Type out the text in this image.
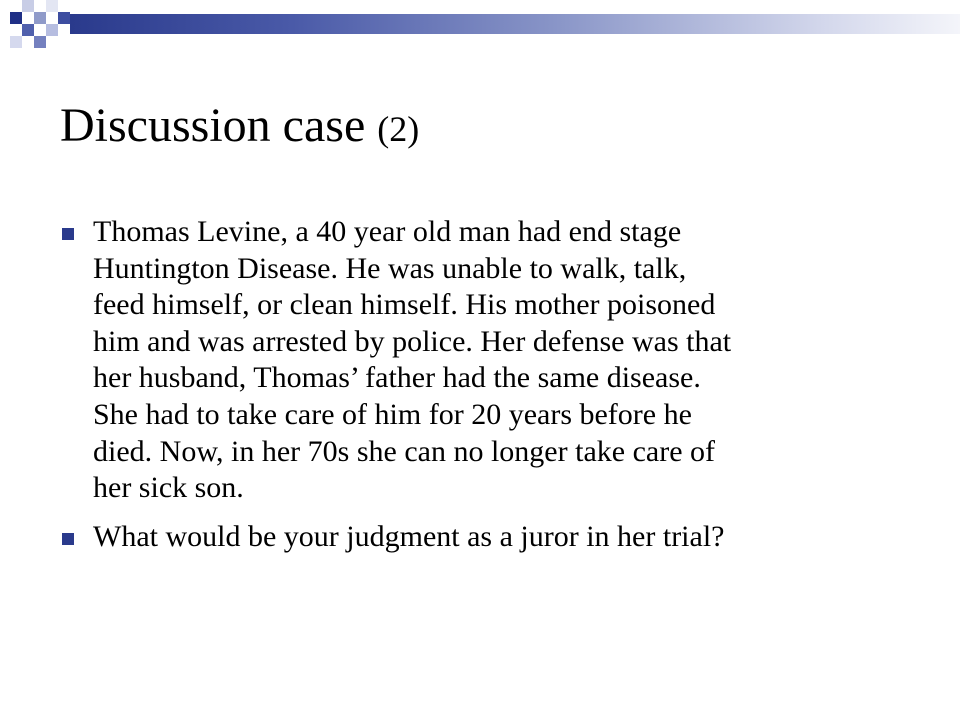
Discussion case (2)
Thomas Levine, a 40 year old man had end stage
Huntington Disease. He was unable to walk, talk,
feed himself, or clean himself. His mother poisoned
him and was arrested by police. Her defense was that
her husband, Thomas’ father had the same disease.
She had to take care of him for 20 years before he
died. Now, in her 70s she can no longer take care of
her sick son.
What would be your judgment as a juror in her trial?
